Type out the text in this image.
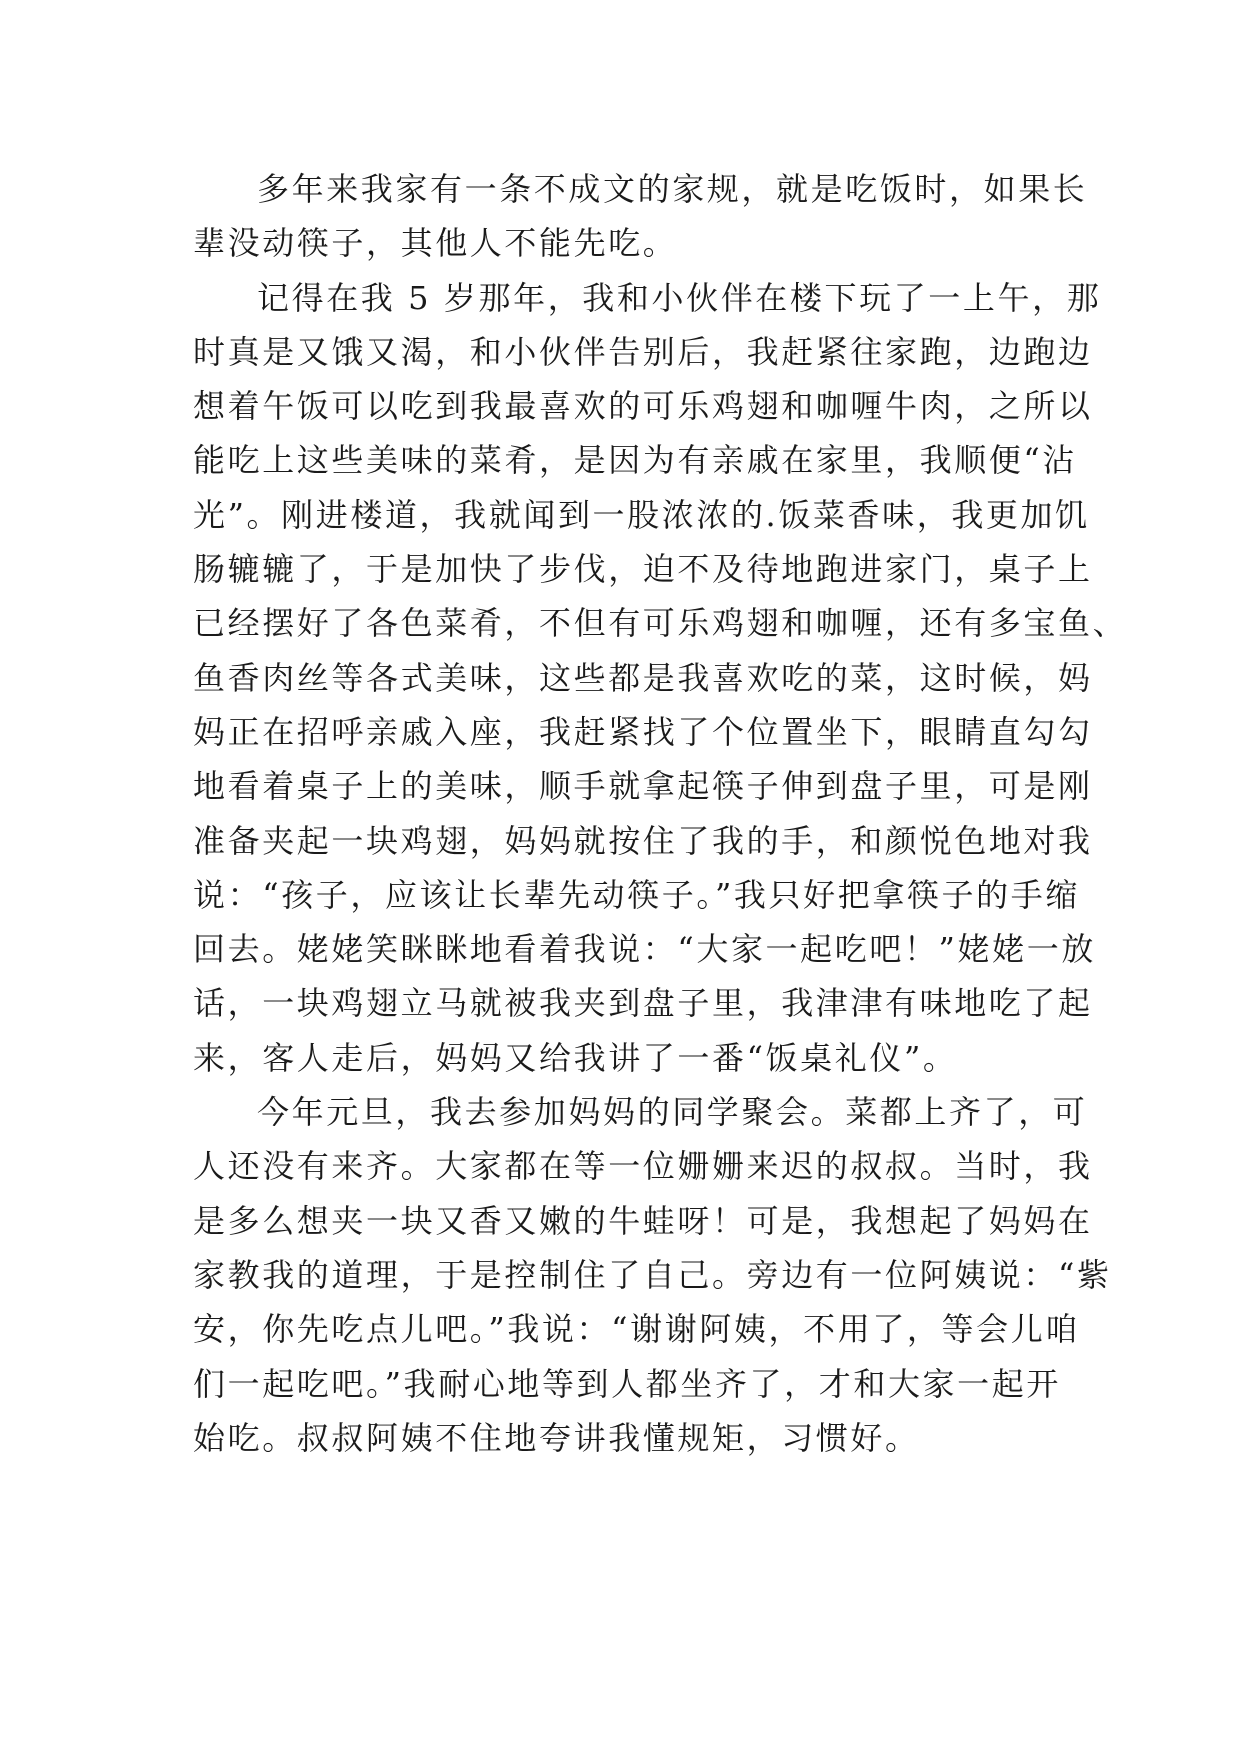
多年来我家有一条不成文的家规，就是吃饭时，如果长
辈没动筷子，其他人不能先吃。
记得在我 5 岁那年，我和小伙伴在楼下玩了一上午，那
时真是又饿又渴，和小伙伴告别后，我赶紧往家跑，边跑边
想着午饭可以吃到我最喜欢的可乐鸡翅和咖喱牛肉，之所以
能吃上这些美味的菜肴，是因为有亲戚在家里，我顺便“沾
光”。刚进楼道，我就闻到一股浓浓的.饭菜香味，我更加饥
肠辘辘了，于是加快了步伐，迫不及待地跑进家门，桌子上
已经摆好了各色菜肴，不但有可乐鸡翅和咖喱，还有多宝鱼、
鱼香肉丝等各式美味，这些都是我喜欢吃的菜，这时候，妈
妈正在招呼亲戚入座，我赶紧找了个位置坐下，眼睛直勾勾
地看着桌子上的美味，顺手就拿起筷子伸到盘子里，可是刚
准备夹起一块鸡翅，妈妈就按住了我的手，和颜悦色地对我
说：“孩子，应该让长辈先动筷子。”我只好把拿筷子的手缩
回去。姥姥笑眯眯地看着我说：“大家一起吃吧！”姥姥一放
话，一块鸡翅立马就被我夹到盘子里，我津津有味地吃了起
来，客人走后，妈妈又给我讲了一番“饭桌礼仪”。
今年元旦，我去参加妈妈的同学聚会。菜都上齐了，可
人还没有来齐。大家都在等一位姗姗来迟的叔叔。当时，我
是多么想夹一块又香又嫩的牛蛙呀！可是，我想起了妈妈在
家教我的道理，于是控制住了自己。旁边有一位阿姨说：“紫
安，你先吃点儿吧。”我说：“谢谢阿姨，不用了，等会儿咱
们一起吃吧。”我耐心地等到人都坐齐了，才和大家一起开
始吃。叔叔阿姨不住地夸讲我懂规矩，习惯好。
